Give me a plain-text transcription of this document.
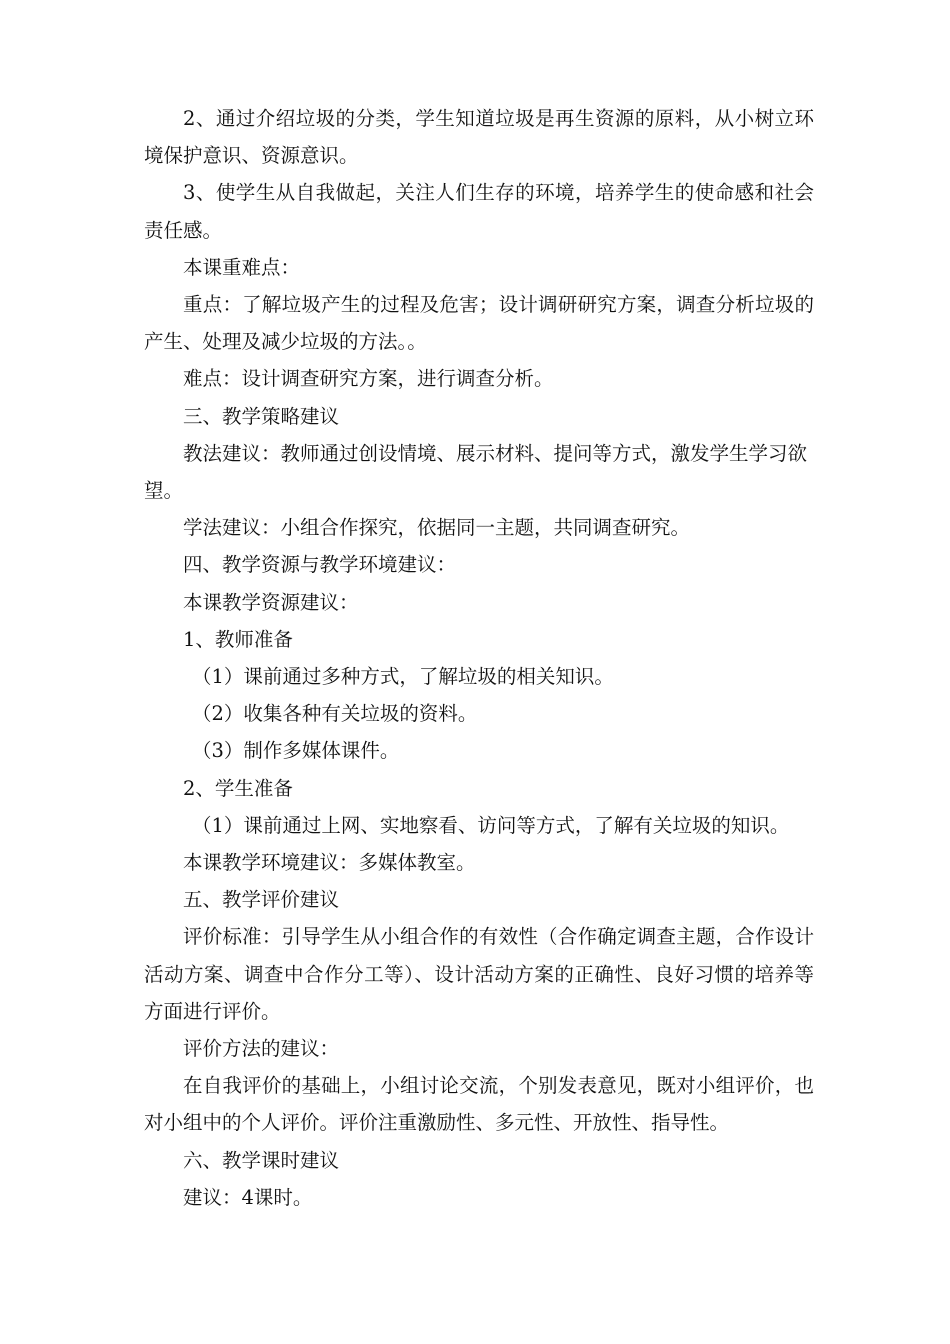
2、通过介绍垃圾的分类，学生知道垃圾是再生资源的原料，从小树立环境保护意识、资源意识。

3、使学生从自我做起，关注人们生存的环境，培养学生的使命感和社会责任感。

本课重难点：

重点：了解垃圾产生的过程及危害；设计调研研究方案，调查分析垃圾的产生、处理及减少垃圾的方法。。

难点：设计调查研究方案，进行调查分析。

三、教学策略建议

教法建议：教师通过创设情境、展示材料、提问等方式，激发学生学习欲望。

学法建议：小组合作探究，依据同一主题，共同调查研究。

四、教学资源与教学环境建议：

本课教学资源建议：

1、教师准备

（1）课前通过多种方式，了解垃圾的相关知识。

（2）收集各种有关垃圾的资料。

（3）制作多媒体课件。

2、学生准备

（1）课前通过上网、实地察看、访问等方式，了解有关垃圾的知识。

本课教学环境建议：多媒体教室。

五、教学评价建议

评价标准：引导学生从小组合作的有效性（合作确定调查主题，合作设计活动方案、调查中合作分工等）、设计活动方案的正确性、良好习惯的培养等方面进行评价。

评价方法的建议：

在自我评价的基础上，小组讨论交流，个别发表意见，既对小组评价，也对小组中的个人评价。评价注重激励性、多元性、开放性、指导性。

六、教学课时建议

建议：4课时。
